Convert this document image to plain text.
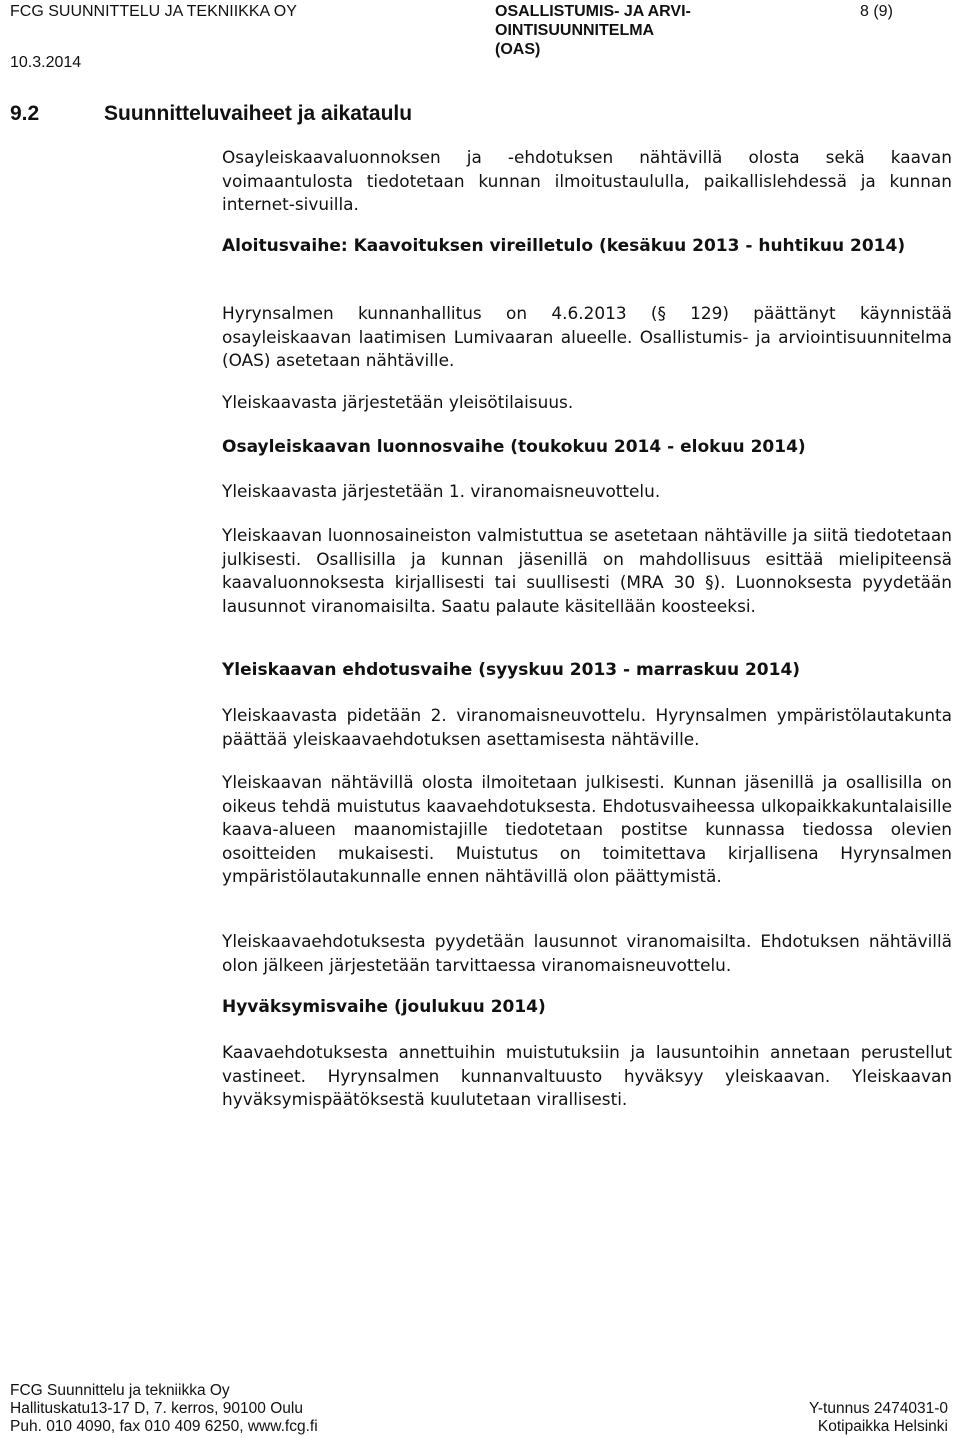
FCG SUUNNITTELU JA TEKNIIKKA OY
10.3.2014
OSALLISTUMIS- JA ARVI-
OINTISUUNNITELMA
(OAS)
8 (9)
9.2	Suunnitteluvaiheet ja aikataulu

Osayleiskaavaluonnoksen ja -ehdotuksen nähtävillä olosta sekä kaavan voimaantulosta tiedotetaan kunnan ilmoitustaululla, paikallislehdessä ja kunnan internet-sivuilla.

Aloitusvaihe: Kaavoituksen vireilletulo (kesäkuu 2013 - huhtikuu 2014)

Hyrynsalmen kunnanhallitus on 4.6.2013 (§ 129) päättänyt käynnistää osayleiskaavan laatimisen Lumivaaran alueelle. Osallistumis- ja arviointisuunnitelma (OAS) asetetaan nähtäville.

Yleiskaavasta järjestetään yleisötilaisuus.

Osayleiskaavan luonnosvaihe (toukokuu 2014 - elokuu 2014)

Yleiskaavasta järjestetään 1. viranomaisneuvottelu.

Yleiskaavan luonnosaineiston valmistuttua se asetetaan nähtäville ja siitä tiedotetaan julkisesti. Osallisilla ja kunnan jäsenillä on mahdollisuus esittää mielipiteensä kaavaluonnoksesta kirjallisesti tai suullisesti (MRA 30 §). Luonnoksesta pyydetään lausunnot viranomaisilta. Saatu palaute käsitellään koosteeksi.

Yleiskaavan ehdotusvaihe (syyskuu 2013 - marraskuu 2014)

Yleiskaavasta pidetään 2. viranomaisneuvottelu. Hyrynsalmen ympäristölautakunta päättää yleiskaavaehdotuksen asettamisesta nähtäville.

Yleiskaavan nähtävillä olosta ilmoitetaan julkisesti. Kunnan jäsenillä ja osallisilla on oikeus tehdä muistutus kaavaehdotuksesta. Ehdotusvaiheessa ulkopaikkakuntalaisille kaava-alueen maanomistajille tiedotetaan postitse kunnassa tiedossa olevien osoitteiden mukaisesti. Muistutus on toimitettava kirjallisena Hyrynsalmen ympäristölautakunnalle ennen nähtävillä olon päättymistä.

Yleiskaavaehdotuksesta pyydetään lausunnot viranomaisilta. Ehdotuksen nähtävillä olon jälkeen järjestetään tarvittaessa viranomaisneuvottelu.

Hyväksymisvaihe (joulukuu 2014)

Kaavaehdotuksesta annettuihin muistutuksiin ja lausuntoihin annetaan perustellut vastineet. Hyrynsalmen kunnanvaltuusto hyväksyy yleiskaavan. Yleiskaavan hyväksymispäätöksestä kuulutetaan virallisesti.

FCG Suunnittelu ja tekniikka Oy
Hallituskatu13-17 D, 7. kerros, 90100 Oulu
Puh. 010 4090, fax 010 409 6250, www.fcg.fi
Y-tunnus 2474031-0
Kotipaikka Helsinki
